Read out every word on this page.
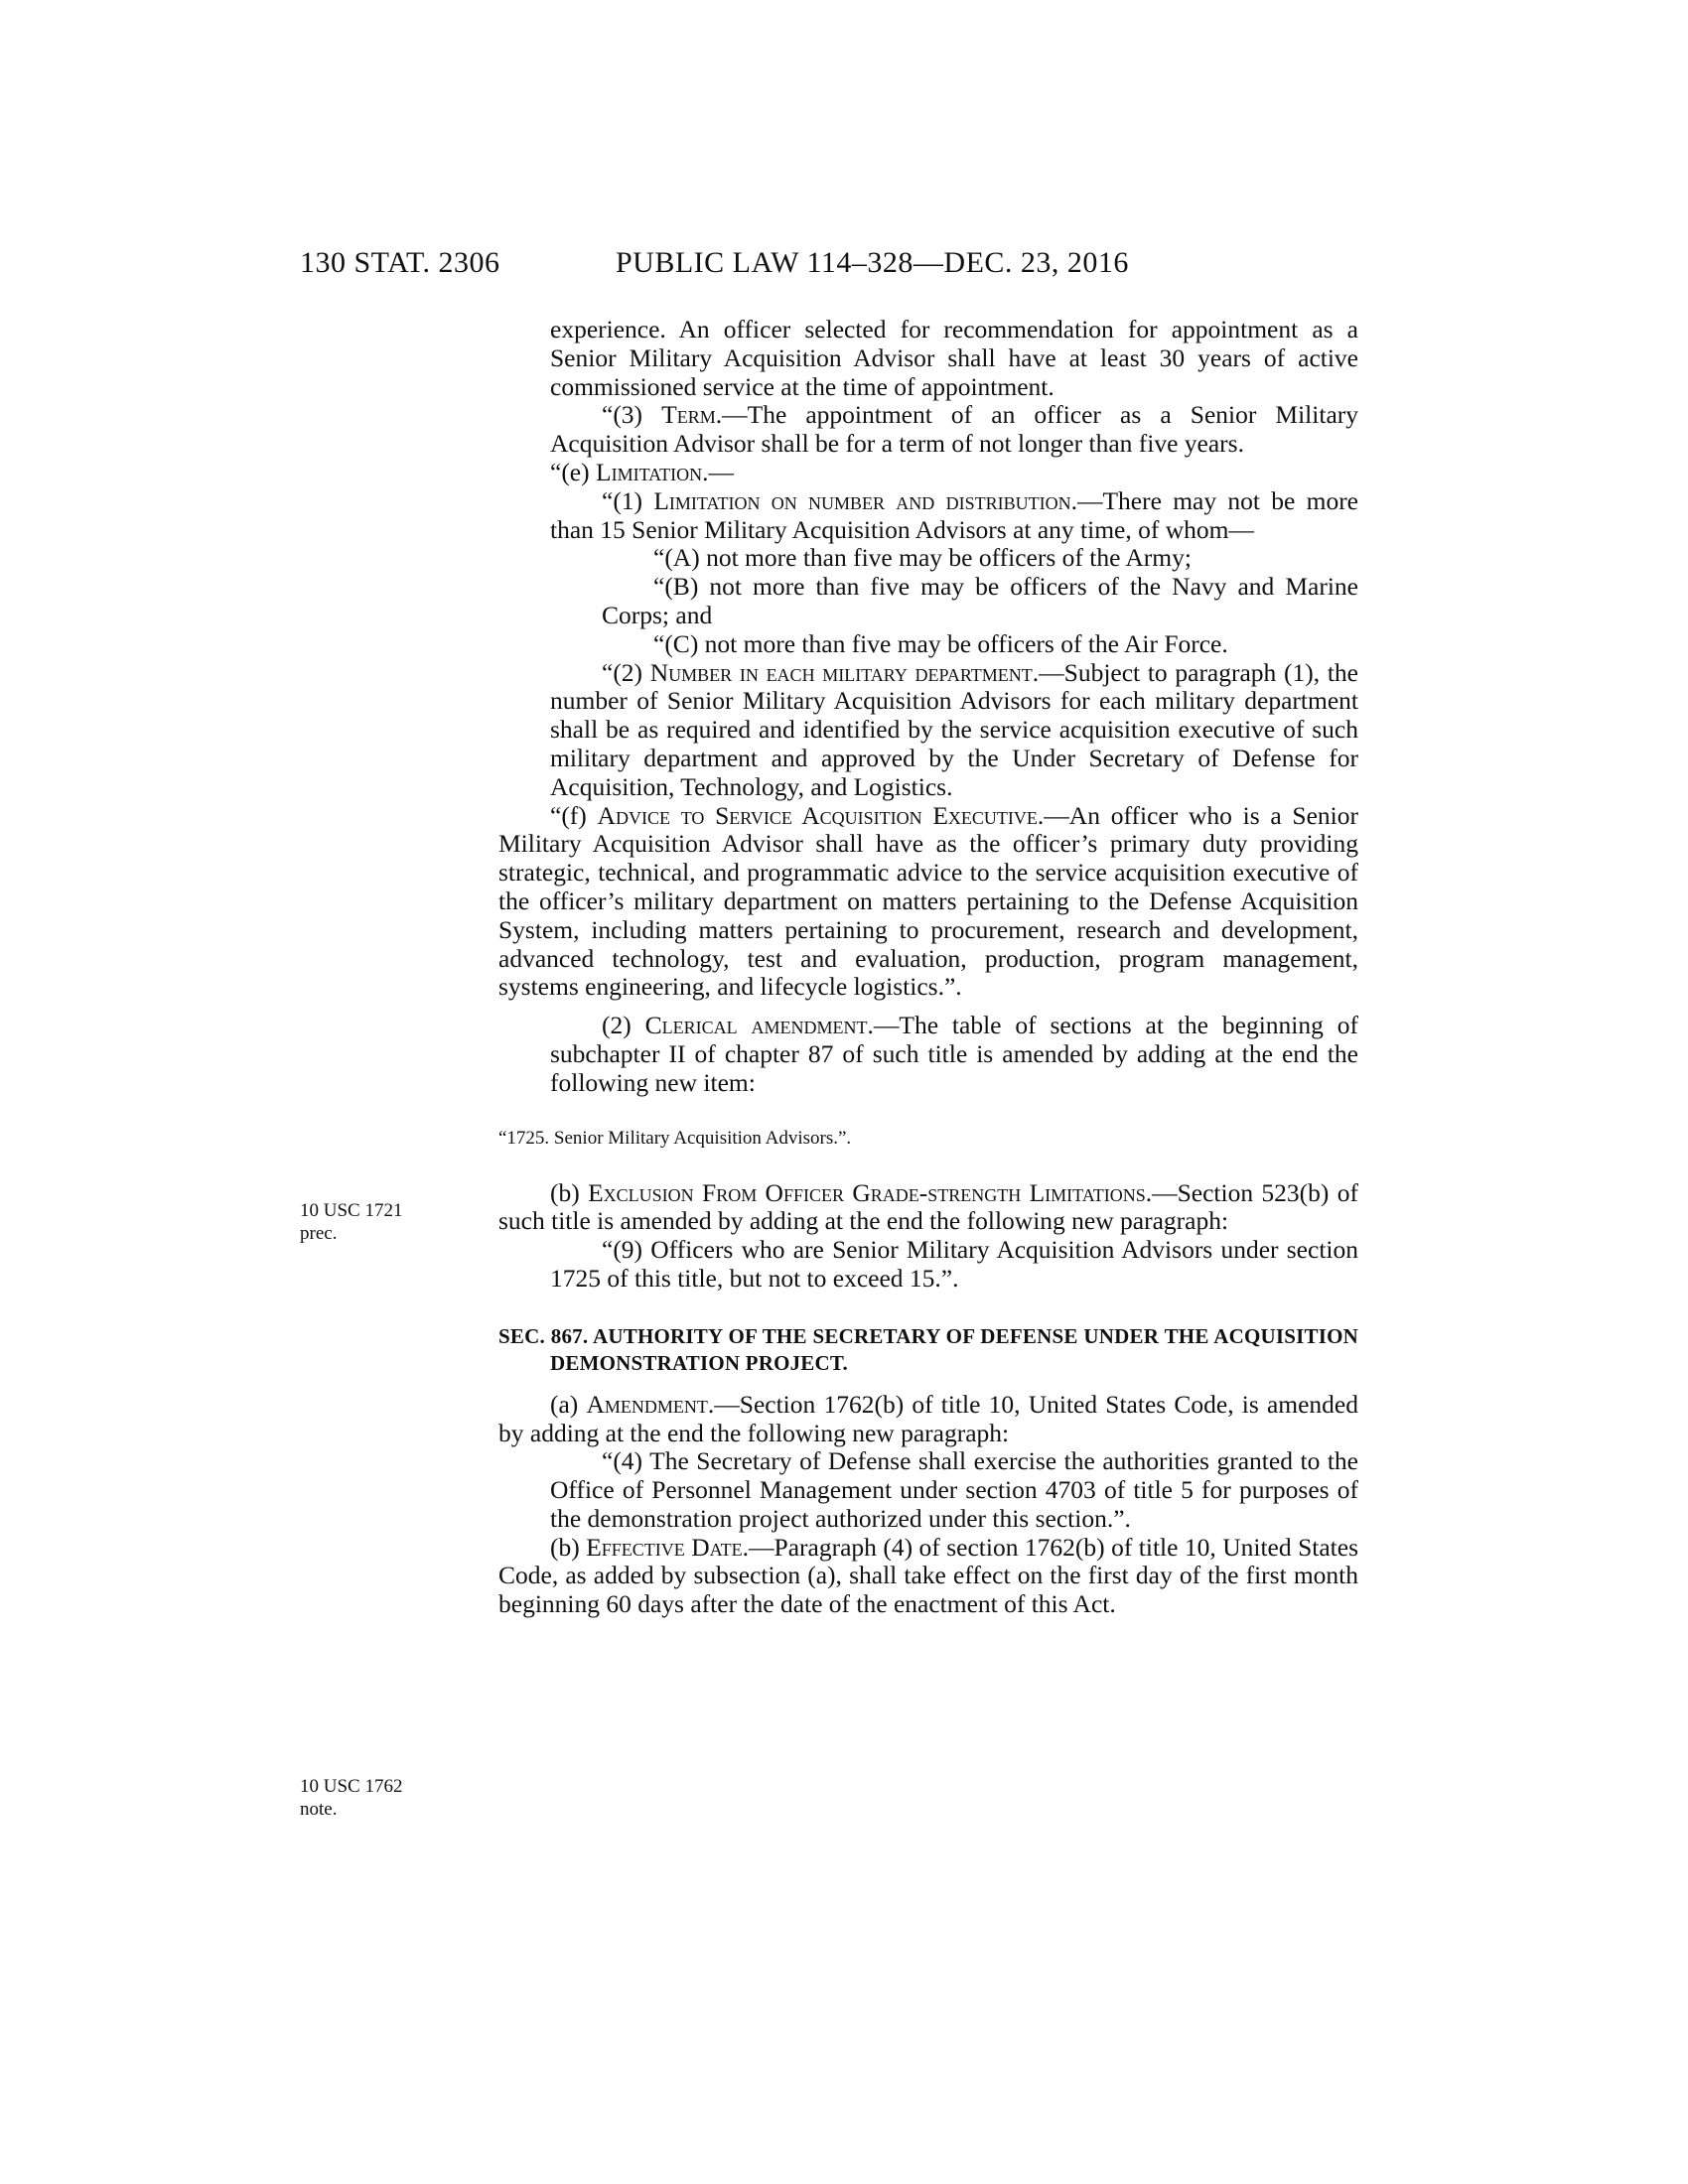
130 STAT. 2306	PUBLIC LAW 114–328—DEC. 23, 2016
10 USC 1721
prec.
10 USC 1762
note.

experience. An officer selected for recommendation for appointment as a Senior Military Acquisition Advisor shall have at least 30 years of active commissioned service at the time of appointment.

“(3) Term.—The appointment of an officer as a Senior Military Acquisition Advisor shall be for a term of not longer than five years.

“(e) Limitation.—

“(1) Limitation on number and distribution.—There may not be more than 15 Senior Military Acquisition Advisors at any time, of whom—

“(A) not more than five may be officers of the Army;

“(B) not more than five may be officers of the Navy and Marine Corps; and

“(C) not more than five may be officers of the Air Force.

“(2) Number in each military department.—Subject to paragraph (1), the number of Senior Military Acquisition Advisors for each military department shall be as required and identified by the service acquisition executive of such military department and approved by the Under Secretary of Defense for Acquisition, Technology, and Logistics.

“(f) Advice to Service Acquisition Executive.—An officer who is a Senior Military Acquisition Advisor shall have as the officer’s primary duty providing strategic, technical, and programmatic advice to the service acquisition executive of the officer’s military department on matters pertaining to the Defense Acquisition System, including matters pertaining to procurement, research and development, advanced technology, test and evaluation, production, program management, systems engineering, and lifecycle logistics.”.

(2) Clerical amendment.—The table of sections at the beginning of subchapter II of chapter 87 of such title is amended by adding at the end the following new item:

“1725. Senior Military Acquisition Advisors.”.

(b) Exclusion From Officer Grade-strength Limitations.—Section 523(b) of such title is amended by adding at the end the following new paragraph:

“(9) Officers who are Senior Military Acquisition Advisors under section 1725 of this title, but not to exceed 15.”.

SEC. 867. AUTHORITY OF THE SECRETARY OF DEFENSE UNDER THE ACQUISITION DEMONSTRATION PROJECT.

(a) Amendment.—Section 1762(b) of title 10, United States Code, is amended by adding at the end the following new paragraph:

“(4) The Secretary of Defense shall exercise the authorities granted to the Office of Personnel Management under section 4703 of title 5 for purposes of the demonstration project authorized under this section.”.

(b) Effective Date.—Paragraph (4) of section 1762(b) of title 10, United States Code, as added by subsection (a), shall take effect on the first day of the first month beginning 60 days after the date of the enactment of this Act.
